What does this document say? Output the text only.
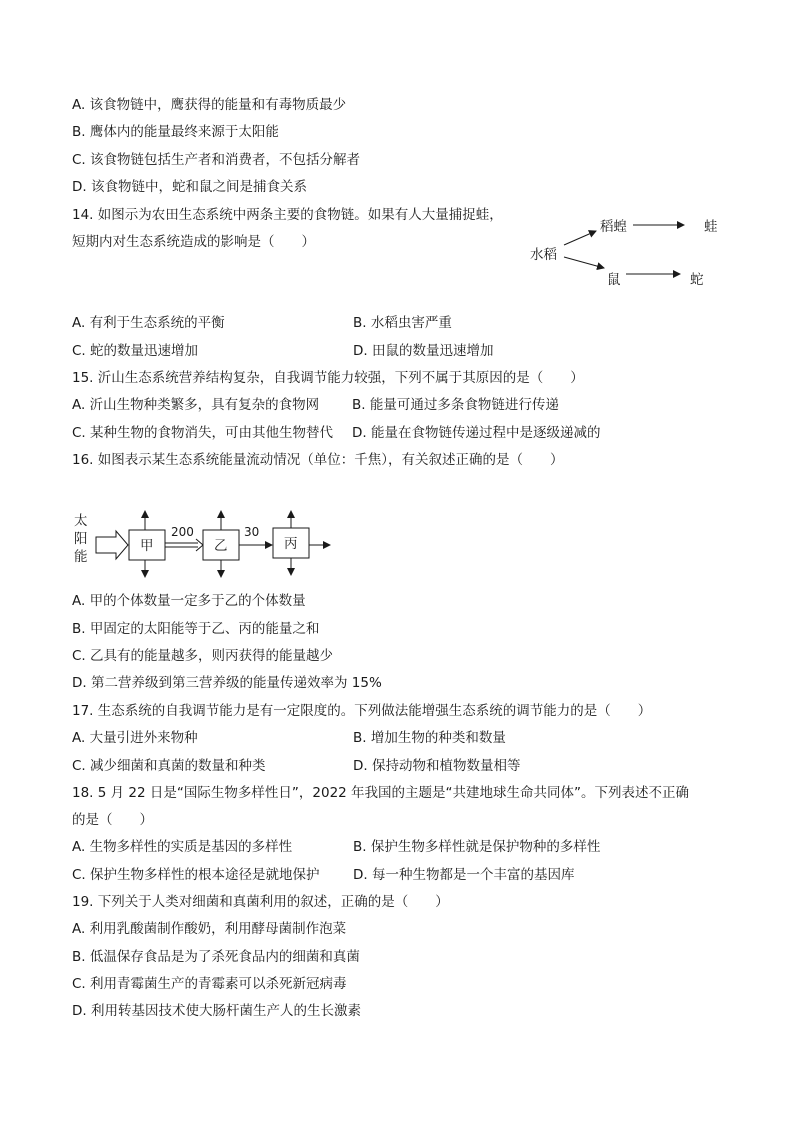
A. 该食物链中，鹰获得的能量和有毒物质最少
B. 鹰体内的能量最终来源于太阳能
C. 该食物链包括生产者和消费者，不包括分解者
D. 该食物链中，蛇和鼠之间是捕食关系
14. 如图示为农田生态系统中两条主要的食物链。如果有人大量捕捉蛙，
短期内对生态系统造成的影响是（　　）
水稻
稻蝗	蛙
鼠	蛇
A. 有利于生态系统的平衡	B. 水稻虫害严重
C. 蛇的数量迅速增加	D. 田鼠的数量迅速增加
15. 沂山生态系统营养结构复杂，自我调节能力较强，下列不属于其原因的是（　　）
A. 沂山生物种类繁多，具有复杂的食物网 B. 能量可通过多条食物链进行传递
C. 某种生物的食物消失，可由其他生物替代 D. 能量在食物链传递过程中是逐级递减的
16. 如图表示某生态系统能量流动情况（单位：千焦），有关叙述正确的是（　　）
太
阳
能
甲
200
乙
30
丙
A. 甲的个体数量一定多于乙的个体数量
B. 甲固定的太阳能等于乙、丙的能量之和
C. 乙具有的能量越多，则丙获得的能量越少
D. 第二营养级到第三营养级的能量传递效率为 15%
17. 生态系统的自我调节能力是有一定限度的。下列做法能增强生态系统的调节能力的是（　　）
A. 大量引进外来物种	B. 增加生物的种类和数量
C. 减少细菌和真菌的数量和种类	D. 保持动物和植物数量相等
18. 5 月 22 日是“国际生物多样性日”，2022 年我国的主题是“共建地球生命共同体”。下列表述不正确
的是（　　）
A. 生物多样性的实质是基因的多样性	B. 保护生物多样性就是保护物种的多样性
C. 保护生物多样性的根本途径是就地保护 D. 每一种生物都是一个丰富的基因库
19. 下列关于人类对细菌和真菌利用的叙述，正确的是（　　）
A. 利用乳酸菌制作酸奶，利用酵母菌制作泡菜
B. 低温保存食品是为了杀死食品内的细菌和真菌
C. 利用青霉菌生产的青霉素可以杀死新冠病毒
D. 利用转基因技术使大肠杆菌生产人的生长激素
